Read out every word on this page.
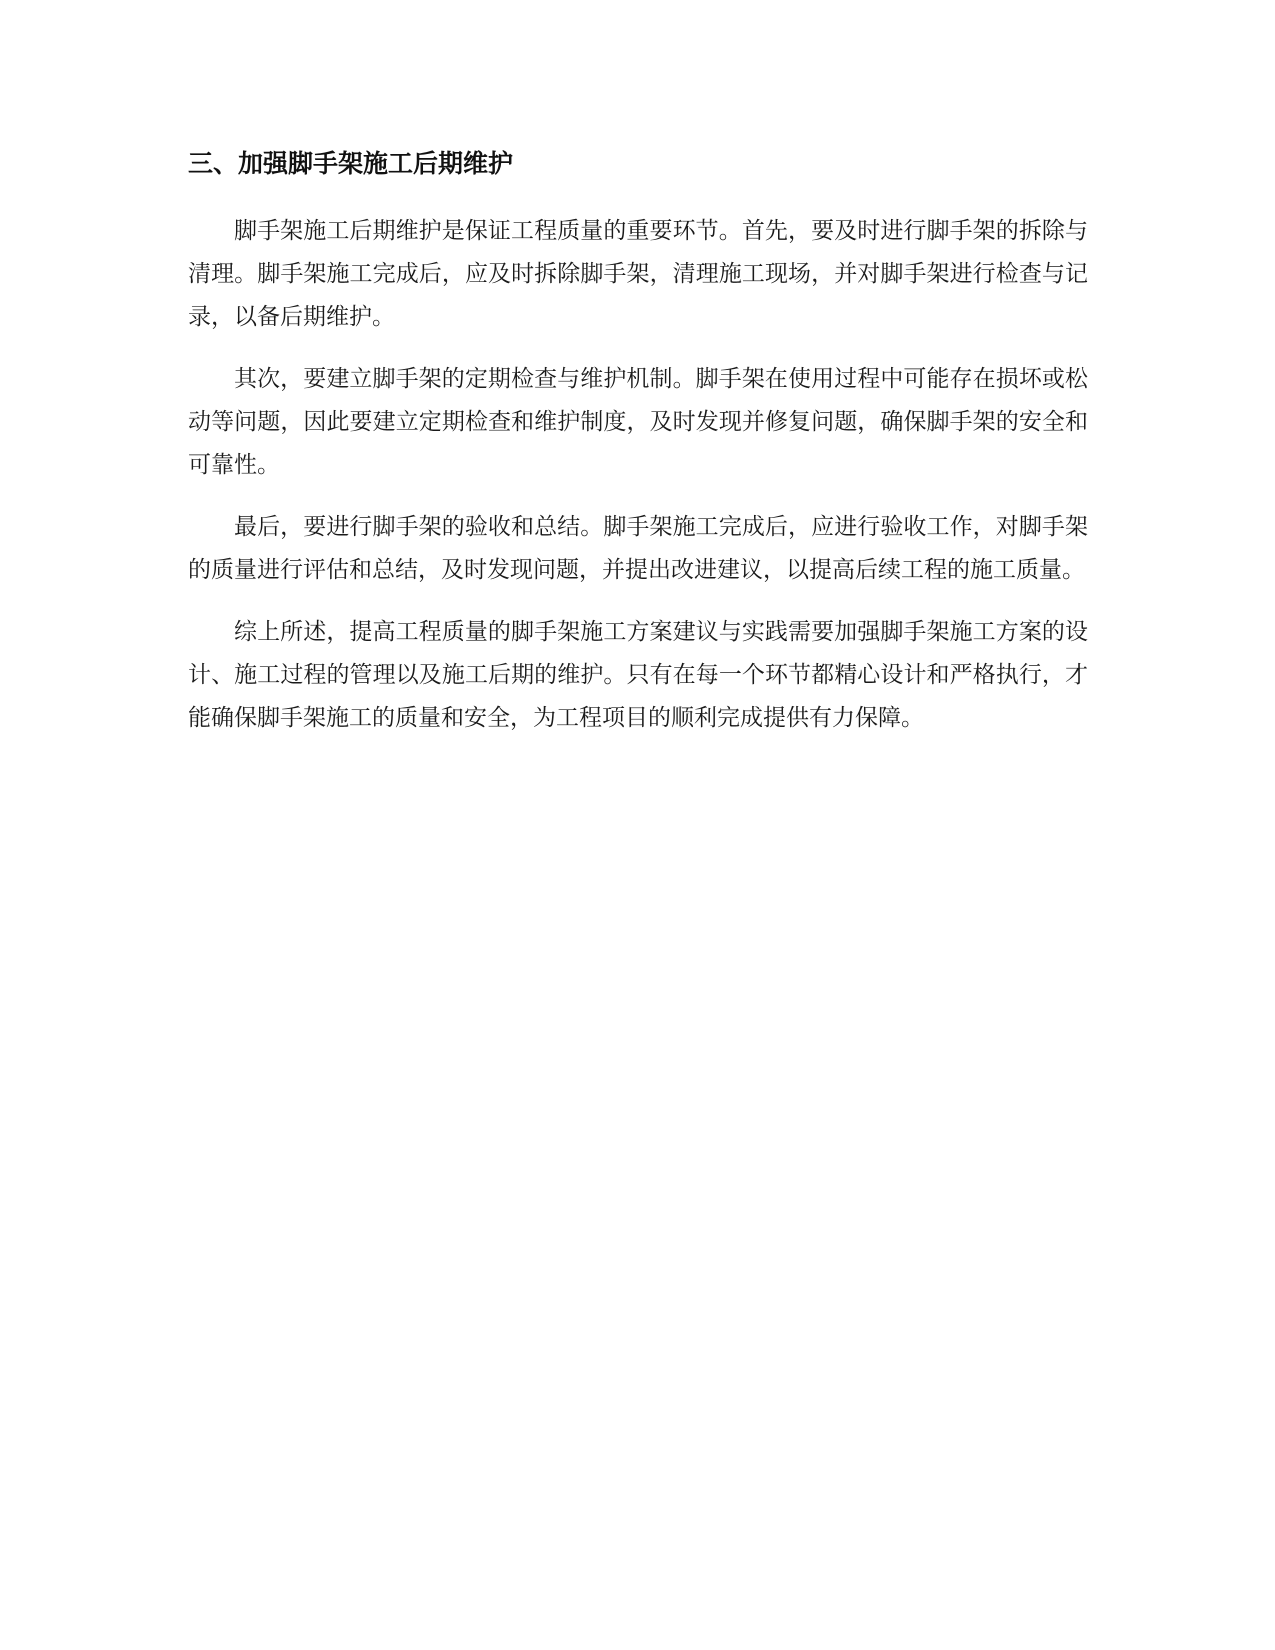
三、加强脚手架施工后期维护

脚手架施工后期维护是保证工程质量的重要环节。首先，要及时进行脚手架的拆除与清理。脚手架施工完成后，应及时拆除脚手架，清理施工现场，并对脚手架进行检查与记录，以备后期维护。

其次，要建立脚手架的定期检查与维护机制。脚手架在使用过程中可能存在损坏或松动等问题，因此要建立定期检查和维护制度，及时发现并修复问题，确保脚手架的安全和可靠性。

最后，要进行脚手架的验收和总结。脚手架施工完成后，应进行验收工作，对脚手架的质量进行评估和总结，及时发现问题，并提出改进建议，以提高后续工程的施工质量。

综上所述，提高工程质量的脚手架施工方案建议与实践需要加强脚手架施工方案的设计、施工过程的管理以及施工后期的维护。只有在每一个环节都精心设计和严格执行，才能确保脚手架施工的质量和安全，为工程项目的顺利完成提供有力保障。
